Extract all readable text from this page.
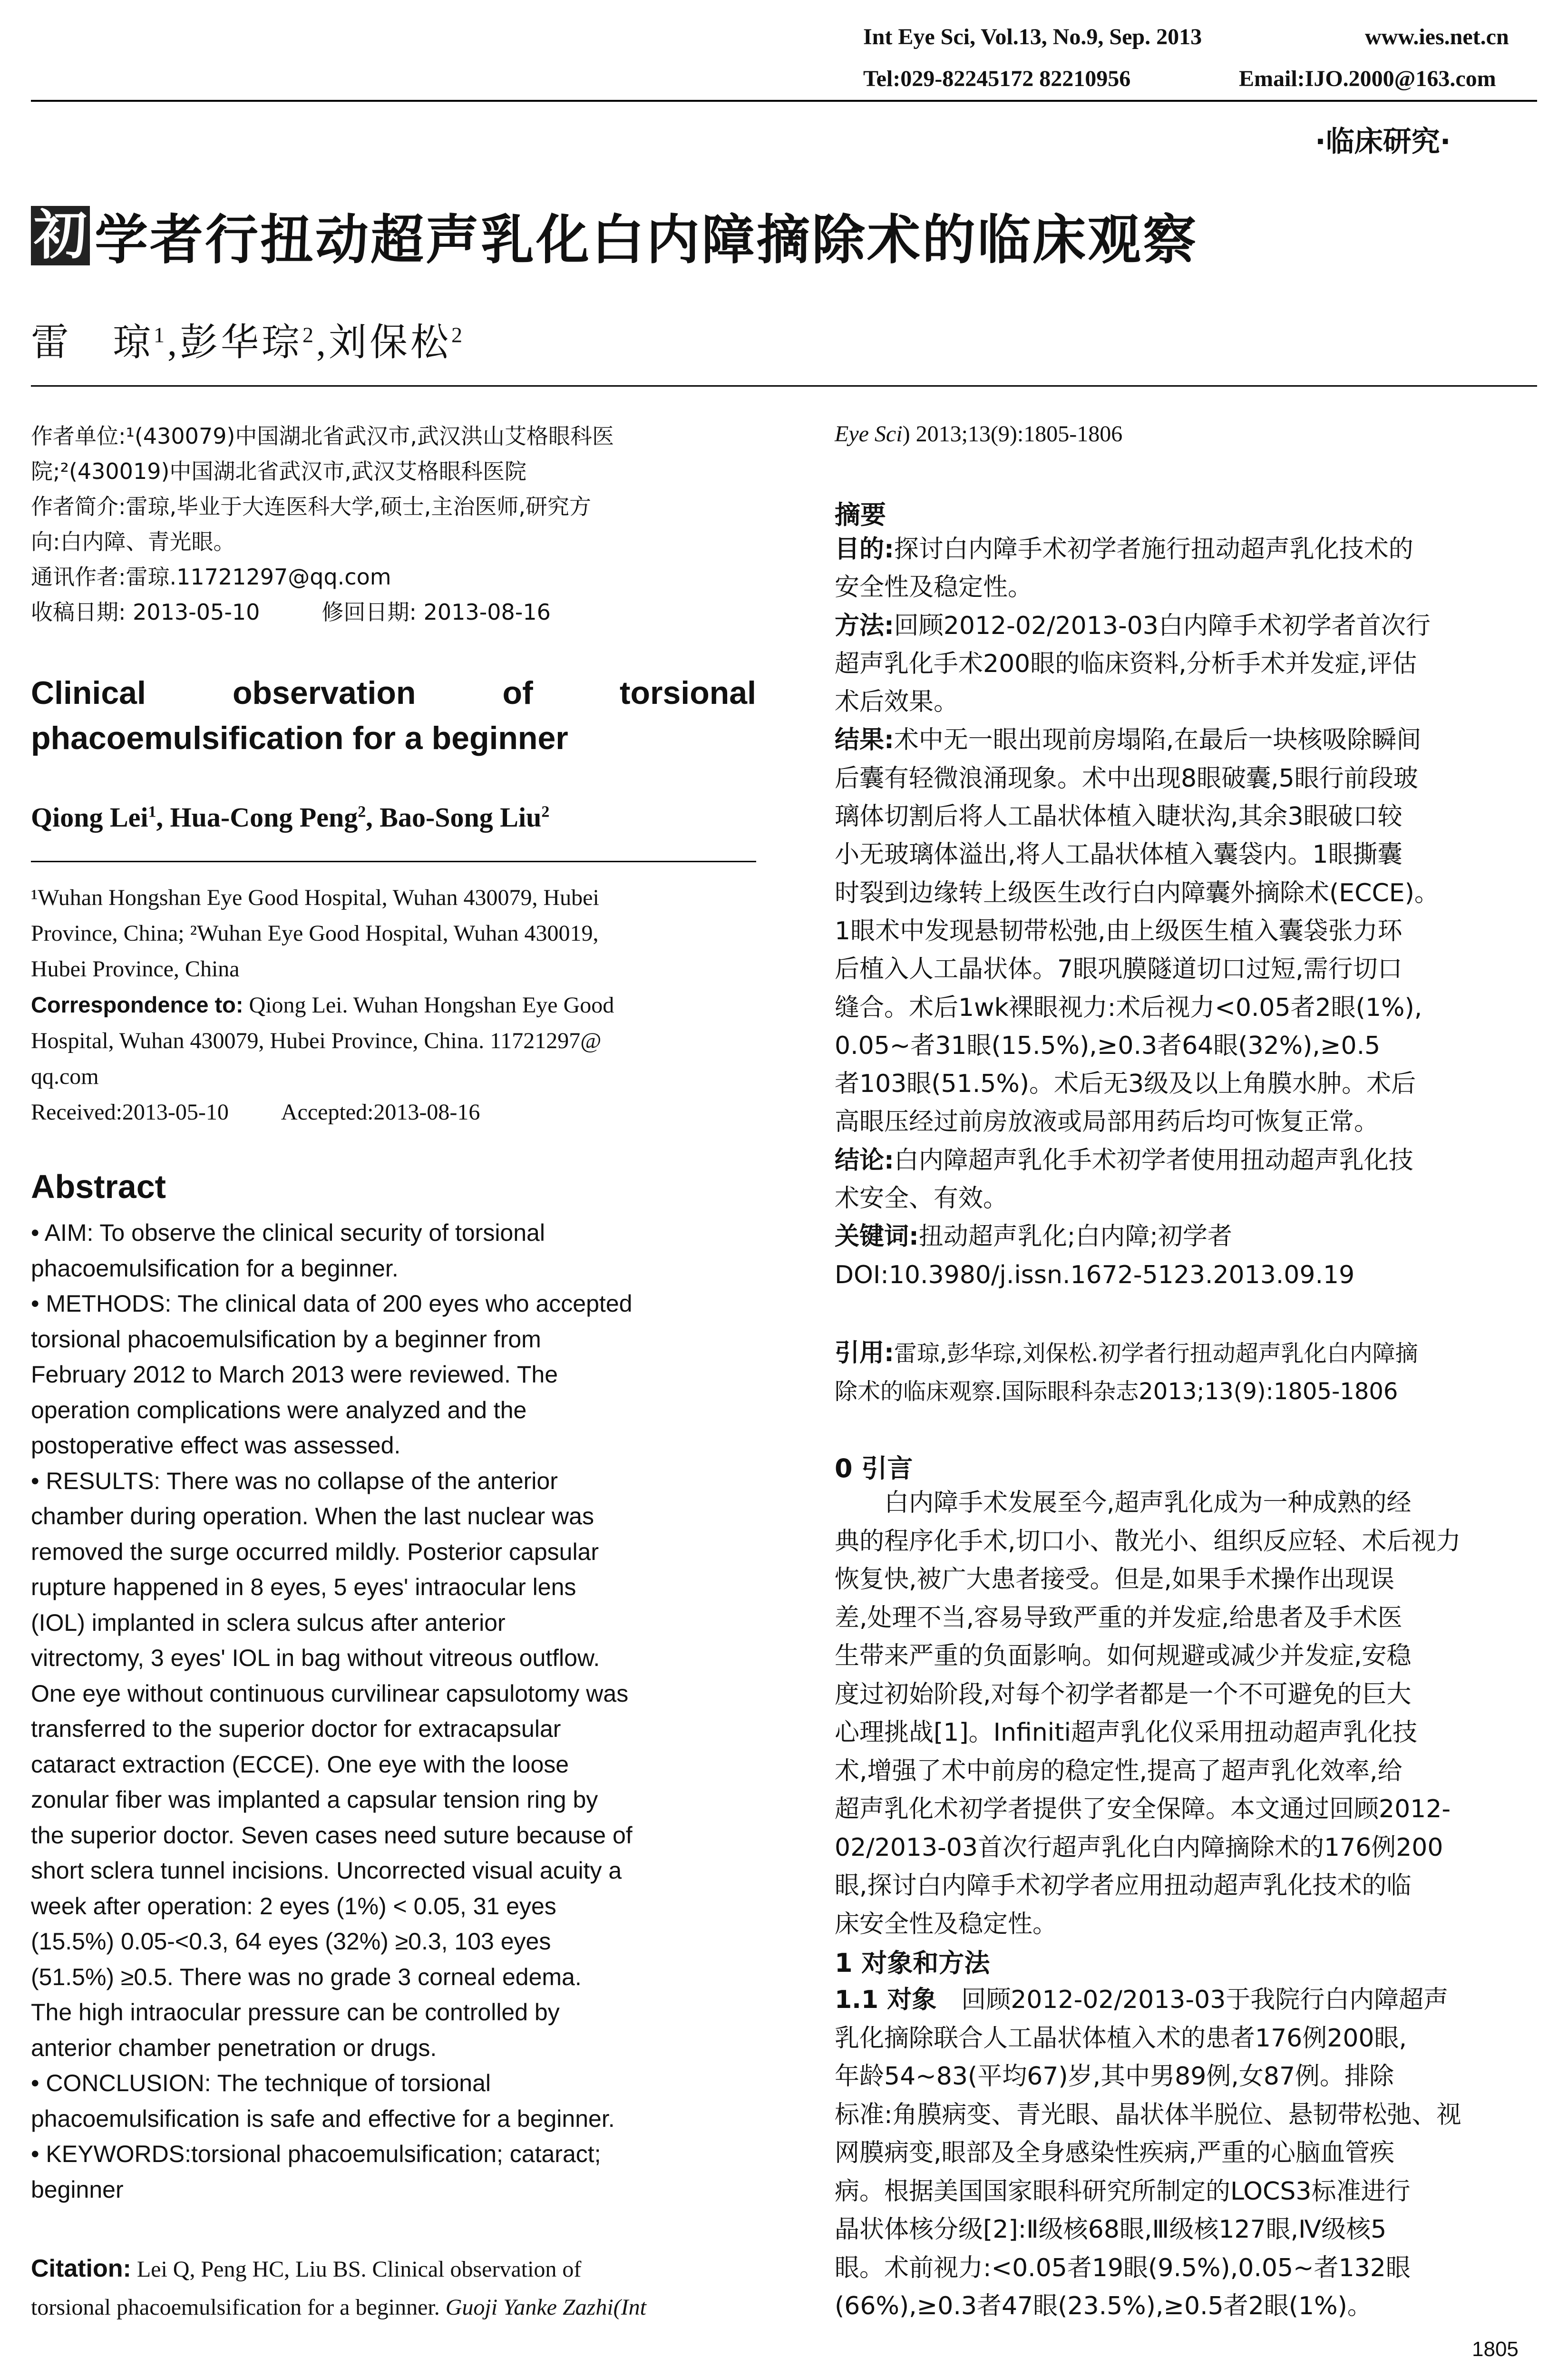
Int Eye Sci, Vol.13, No.9, Sep. 2013	www.ies.net.cn
Tel:029-82245172 82210956	Email:IJO.2000@163.com
·临床研究·
初 学者行扭动超声乳化白内障摘除术的临床观察
雷　琼$^1$,彭华琮$^2$,刘保松$^2$
作者单位:¹(430079)中国湖北省武汉市,武汉洪山艾格眼科医
院;²(430019)中国湖北省武汉市,武汉艾格眼科医院
作者简介:雷琼,毕业于大连医科大学,硕士,主治医师,研究方
向:白内障、青光眼。
通讯作者:雷琼.11721297@qq.com
收稿日期: 2013-05-10	修回日期: 2013-08-16
Clinical	observation	of	torsional
phacoemulsification for a beginner
Qiong Lei$^1$, Hua-Cong Peng$^2$, Bao-Song Liu$^2$
¹Wuhan Hongshan Eye Good Hospital, Wuhan 430079, Hubei
Province, China; ²Wuhan Eye Good Hospital, Wuhan 430019,
Hubei Province, China
Correspondence to: Qiong Lei. Wuhan Hongshan Eye Good
Hospital, Wuhan 430079, Hubei Province, China. 11721297@
qq.com
Received:2013-05-10 Accepted:2013-08-16
Abstract
• AIM: To observe the clinical security of torsional
phacoemulsification for a beginner.
• METHODS: The clinical data of 200 eyes who accepted
torsional phacoemulsification by a beginner from
February 2012 to March 2013 were reviewed. The
operation complications were analyzed and the
postoperative effect was assessed.
• RESULTS: There was no collapse of the anterior
chamber during operation. When the last nuclear was
removed the surge occurred mildly. Posterior capsular
rupture happened in 8 eyes, 5 eyes' intraocular lens
(IOL) implanted in sclera sulcus after anterior
vitrectomy, 3 eyes' IOL in bag without vitreous outflow.
One eye without continuous curvilinear capsulotomy was
transferred to the superior doctor for extracapsular
cataract extraction (ECCE). One eye with the loose
zonular fiber was implanted a capsular tension ring by
the superior doctor. Seven cases need suture because of
short sclera tunnel incisions. Uncorrected visual acuity a
week after operation: 2 eyes (1%) < 0.05, 31 eyes
(15.5%) 0.05-<0.3, 64 eyes (32%) ≥0.3, 103 eyes
(51.5%) ≥0.5. There was no grade 3 corneal edema.
The high intraocular pressure can be controlled by
anterior chamber penetration or drugs.
• CONCLUSION: The technique of torsional
phacoemulsification is safe and effective for a beginner.
• KEYWORDS:torsional phacoemulsification; cataract;
beginner
Citation: Lei Q, Peng HC, Liu BS. Clinical observation of
torsional phacoemulsification for a beginner. Guoji Yanke Zazhi(Int
Eye Sci) 2013;13(9):1805-1806
摘要
目的:探讨白内障手术初学者施行扭动超声乳化技术的
安全性及稳定性。
方法:回顾2012-02/2013-03白内障手术初学者首次行
超声乳化手术200眼的临床资料,分析手术并发症,评估
术后效果。
结果:术中无一眼出现前房塌陷,在最后一块核吸除瞬间
后囊有轻微浪涌现象。术中出现8眼破囊,5眼行前段玻
璃体切割后将人工晶状体植入睫状沟,其余3眼破口较
小无玻璃体溢出,将人工晶状体植入囊袋内。1眼撕囊
时裂到边缘转上级医生改行白内障囊外摘除术(ECCE)。
1眼术中发现悬韧带松弛,由上级医生植入囊袋张力环
后植入人工晶状体。7眼巩膜隧道切口过短,需行切口
缝合。术后1wk裸眼视力:术后视力<0.05者2眼(1%),
0.05~者31眼(15.5%),≥0.3者64眼(32%),≥0.5
者103眼(51.5%)。术后无3级及以上角膜水肿。术后
高眼压经过前房放液或局部用药后均可恢复正常。
结论:白内障超声乳化手术初学者使用扭动超声乳化技
术安全、有效。
关键词:扭动超声乳化;白内障;初学者
DOI:10.3980/j.issn.1672-5123.2013.09.19
引用:雷琼,彭华琮,刘保松.初学者行扭动超声乳化白内障摘
除术的临床观察.国际眼科杂志2013;13(9):1805-1806
0 引言
　　白内障手术发展至今,超声乳化成为一种成熟的经
典的程序化手术,切口小、散光小、组织反应轻、术后视力
恢复快,被广大患者接受。但是,如果手术操作出现误
差,处理不当,容易导致严重的并发症,给患者及手术医
生带来严重的负面影响。如何规避或减少并发症,安稳
度过初始阶段,对每个初学者都是一个不可避免的巨大
心理挑战[1]。Infiniti超声乳化仪采用扭动超声乳化技
术,增强了术中前房的稳定性,提高了超声乳化效率,给
超声乳化术初学者提供了安全保障。本文通过回顾2012-
02/2013-03首次行超声乳化白内障摘除术的176例200
眼,探讨白内障手术初学者应用扭动超声乳化技术的临
床安全性及稳定性。
1 对象和方法
1.1 对象　回顾2012-02/2013-03于我院行白内障超声
乳化摘除联合人工晶状体植入术的患者176例200眼,
年龄54~83(平均67)岁,其中男89例,女87例。排除
标准:角膜病变、青光眼、晶状体半脱位、悬韧带松弛、视
网膜病变,眼部及全身感染性疾病,严重的心脑血管疾
病。根据美国国家眼科研究所制定的LOCS3标准进行
晶状体核分级[2]:Ⅱ级核68眼,Ⅲ级核127眼,Ⅳ级核5
眼。术前视力:<0.05者19眼(9.5%),0.05~者132眼
(66%),≥0.3者47眼(23.5%),≥0.5者2眼(1%)。
1805
